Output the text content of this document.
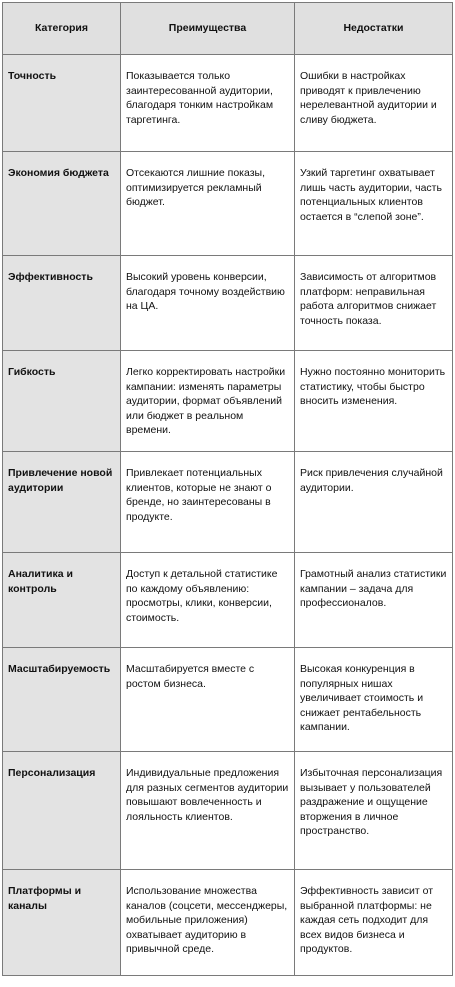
Категория	Преимущества	Недостатки
Точность	Показывается только заинтересованной аудитории, благодаря тонким настройкам таргетинга.	Ошибки в настройках приводят к привлечению нерелевантной аудитории и сливу бюджета.
Экономия бюджета	Отсекаются лишние показы, оптимизируется рекламный бюджет.	Узкий таргетинг охватывает лишь часть аудитории, часть потенциальных клиентов остается в “слепой зоне”.
Эффективность	Высокий уровень конверсии, благодаря точному воздействию на ЦА.	Зависимость от алгоритмов платформ: неправильная работа алгоритмов снижает точность показа.
Гибкость	Легко корректировать настройки кампании: изменять параметры аудитории, формат объявлений или бюджет в реальном времени.	Нужно постоянно мониторить статистику, чтобы быстро вносить изменения.
Привлечение новой аудитории	Привлекает потенциальных клиентов, которые не знают о бренде, но заинтересованы в продукте.	Риск привлечения случайной аудитории.
Аналитика и контроль	Доступ к детальной статистике по каждому объявлению: просмотры, клики, конверсии, стоимость.	Грамотный анализ статистики кампании – задача для профессионалов.
Масштабируемость	Масштабируется вместе с ростом бизнеса.	Высокая конкуренция в популярных нишах увеличивает стоимость и снижает рентабельность кампании.
Персонализация	Индивидуальные предложения для разных сегментов аудитории повышают вовлеченность и лояльность клиентов.	Избыточная персонализация вызывает у пользователей раздражение и ощущение вторжения в личное пространство.
Платформы и каналы	Использование множества каналов (соцсети, мессенджеры, мобильные приложения) охватывает аудиторию в привычной среде.	Эффективность зависит от выбранной платформы: не каждая сеть подходит для всех видов бизнеса и продуктов.
